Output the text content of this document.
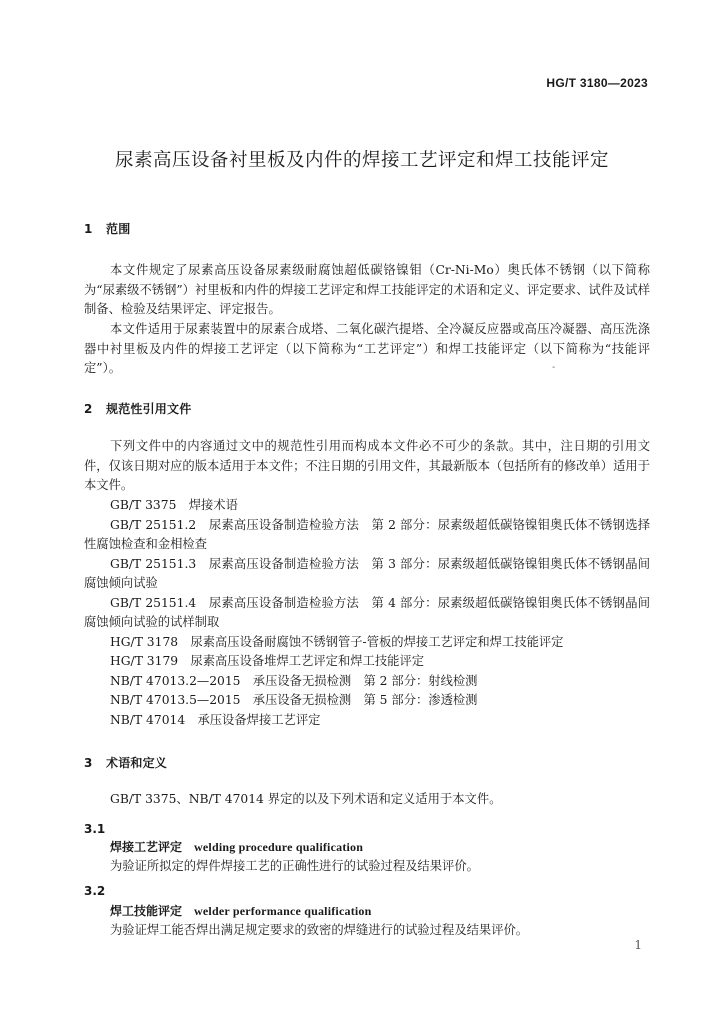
HG/T 3180—2023
尿素高压设备衬里板及内件的焊接工艺评定和焊工技能评定
1 范围
本文件规定了尿素高压设备尿素级耐腐蚀超低碳铬镍钼（Cr-Ni-Mo）奥氏体不锈钢（以下简称为“尿素级不锈钢”）衬里板和内件的焊接工艺评定和焊工技能评定的术语和定义、评定要求、试件及试样制备、检验及结果评定、评定报告。
本文件适用于尿素装置中的尿素合成塔、二氧化碳汽提塔、全冷凝反应器或高压冷凝器、高压洗涤器中衬里板及内件的焊接工艺评定（以下简称为“工艺评定”）和焊工技能评定（以下简称为“技能评定”）。	-
2 规范性引用文件
下列文件中的内容通过文中的规范性引用而构成本文件必不可少的条款。其中，注日期的引用文件，仅该日期对应的版本适用于本文件；不注日期的引用文件，其最新版本（包括所有的修改单）适用于本文件。
GB/T 3375　焊接术语
GB/T 25151.2　尿素高压设备制造检验方法　第 2 部分：尿素级超低碳铬镍钼奥氏体不锈钢选择性腐蚀检查和金相检查
GB/T 25151.3　尿素高压设备制造检验方法　第 3 部分：尿素级超低碳铬镍钼奥氏体不锈钢晶间腐蚀倾向试验
GB/T 25151.4　尿素高压设备制造检验方法　第 4 部分：尿素级超低碳铬镍钼奥氏体不锈钢晶间腐蚀倾向试验的试样制取
HG/T 3178　尿素高压设备耐腐蚀不锈钢管子-管板的焊接工艺评定和焊工技能评定
HG/T 3179　尿素高压设备堆焊工艺评定和焊工技能评定
NB/T 47013.2—2015　承压设备无损检测　第 2 部分：射线检测
NB/T 47013.5—2015　承压设备无损检测　第 5 部分：渗透检测
NB/T 47014　承压设备焊接工艺评定
3 术语和定义
GB/T 3375、NB/T 47014 界定的以及下列术语和定义适用于本文件。
3.1
焊接工艺评定 welding procedure qualification
为验证所拟定的焊件焊接工艺的正确性进行的试验过程及结果评价。
3.2
焊工技能评定 welder performance qualification
为验证焊工能否焊出满足规定要求的致密的焊缝进行的试验过程及结果评价。
1
